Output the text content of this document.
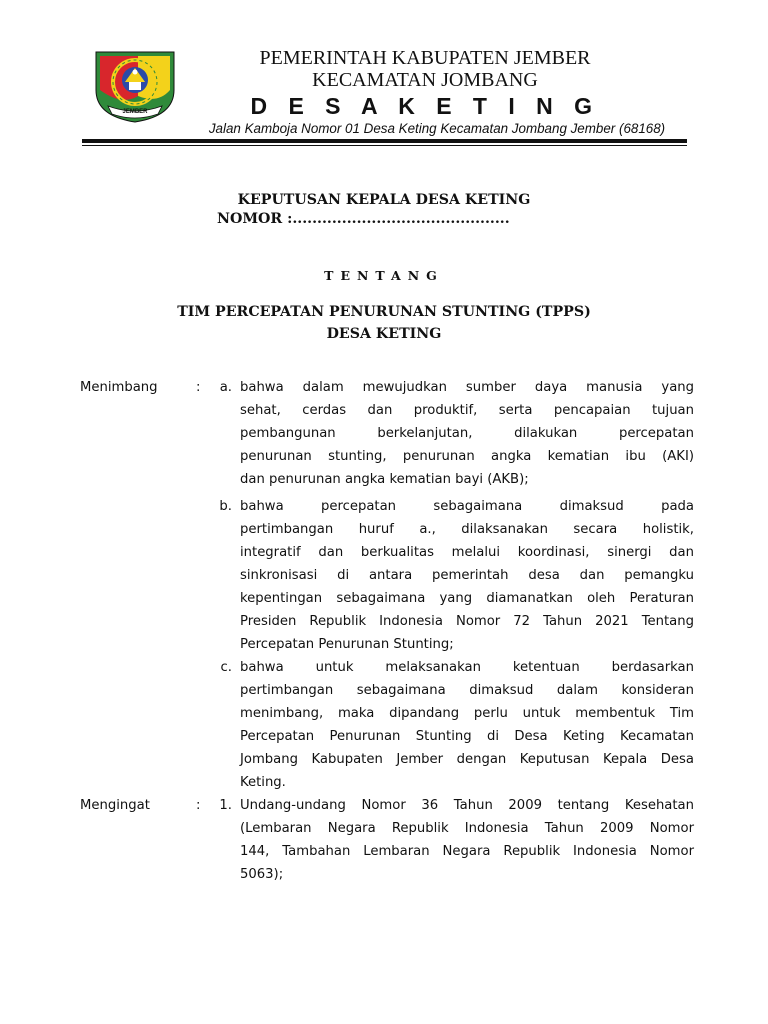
JEMBER
PEMERINTAH KABUPATEN JEMBER
KECAMATAN JOMBANG
D E S A K E T I N G
Jalan Kamboja Nomor 01 Desa Keting Kecamatan Jombang Jember (68168)
KEPUTUSAN KEPALA DESA KETING
NOMOR :............................................
TENTANG
TIM PERCEPATAN PENURUNAN STUNTING (TPPS)
DESA KETING
Menimbang	:	a. bahwa dalam mewujudkan sumber daya manusia yang
sehat, cerdas dan produktif, serta pencapaian tujuan
pembangunan berkelanjutan, dilakukan percepatan
penurunan stunting, penurunan angka kematian ibu (AKI)
dan penurunan angka kematian bayi (AKB);
b. bahwa percepatan sebagaimana dimaksud pada
pertimbangan huruf a., dilaksanakan secara holistik,
integratif dan berkualitas melalui koordinasi, sinergi dan
sinkronisasi di antara pemerintah desa dan pemangku
kepentingan sebagaimana yang diamanatkan oleh Peraturan
Presiden Republik Indonesia Nomor 72 Tahun 2021 Tentang
Percepatan Penurunan Stunting;
c. bahwa untuk melaksanakan ketentuan berdasarkan
pertimbangan sebagaimana dimaksud dalam konsideran
menimbang, maka dipandang perlu untuk membentuk Tim
Percepatan Penurunan Stunting di Desa Keting Kecamatan
Jombang Kabupaten Jember dengan Keputusan Kepala Desa
Keting.
Mengingat	:	1. Undang-undang Nomor 36 Tahun 2009 tentang Kesehatan
(Lembaran Negara Republik Indonesia Tahun 2009 Nomor
144, Tambahan Lembaran Negara Republik Indonesia Nomor
5063);
